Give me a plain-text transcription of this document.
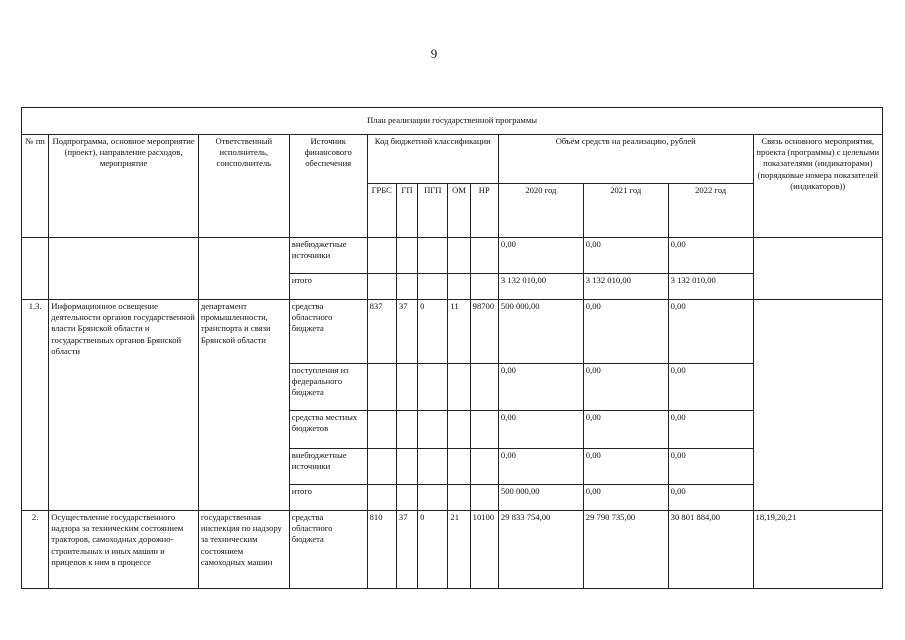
9
План реализации государственной программы												
№ пп	Подпрограмма, основное мероприятие (проект), направление расходов, мероприятие	Ответственный исполнитель, соисполнитель	Источник финансового обеспечения	Код бюджетной классификации					Объём средств на реализацию, рублей			Связь основного мероприятия, проекта (программы) с целевыми показателями (индикаторами) (порядковые номера показателей (индикаторов))
				ГРБС	ГП	ПГП	ОМ	НР	2020 год	2021 год	2022 год	
			внебюджетные источники						0,00	0,00	0,00	
			итого						3 132 010,00	3 132 010,00	3 132 010,00	
1.3.	Информационное освещение деятельности органов государственной власти Брянской области и государственных органов Брянской области	департамент промышленности, транспорта и связи Брянской области	средства областного бюджета	837	37	0	11	98700	500 000,00	0,00	0,00	
			поступления из федерального бюджета						0,00	0,00	0,00	
			средства местных бюджетов						0,00	0,00	0,00	
			внебюджетные источники						0,00	0,00	0,00	
			итого						500 000,00	0,00	0,00	
2.	Осуществление государственного надзора за техническим состоянием тракторов, самоходных дорожно-строительных и иных машин и прицепов к ним в процессе	государственная инспекция по надзору за техническим состоянием самоходных машин	средства областного бюджета	810	37	0	21	10100	29 833 754,00	29 790 735,00	30 801 884,00	18,19,20,21
